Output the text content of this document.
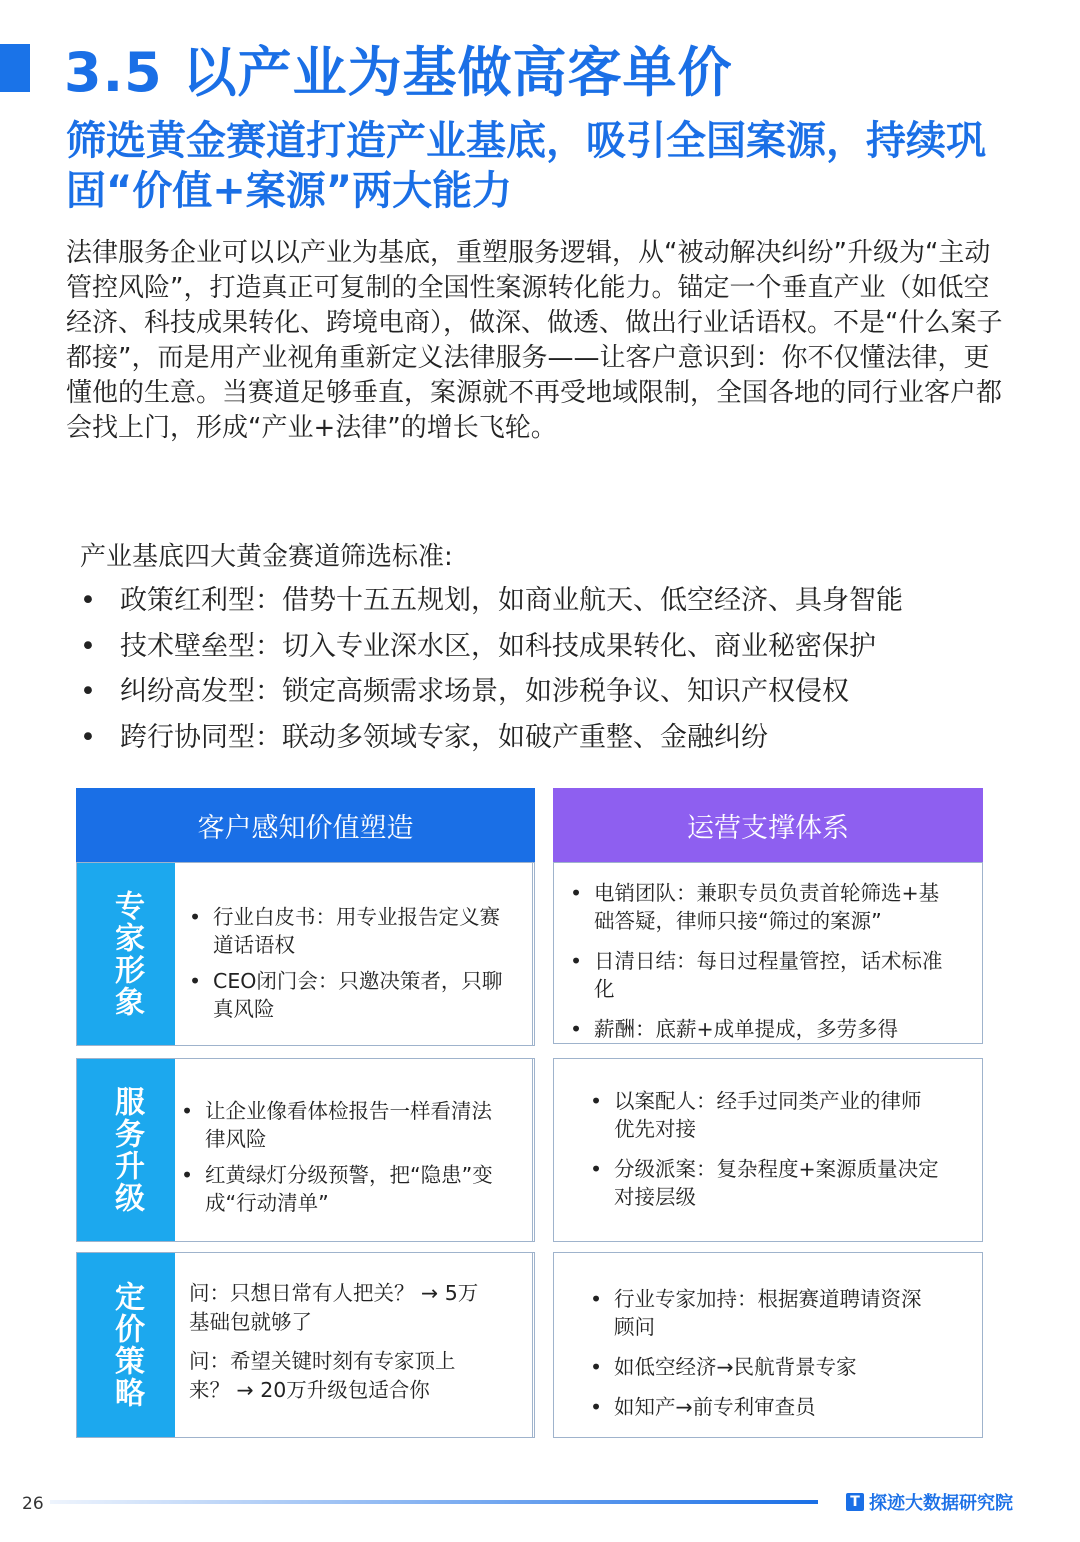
3.5 以产业为基做高客单价
筛选黄金赛道打造产业基底，吸引全国案源，持续巩固“价值+案源”两大能力

法律服务企业可以以产业为基底，重塑服务逻辑，从“被动解决纠纷”升级为“主动管控风险”，打造真正可复制的全国性案源转化能力。锚定一个垂直产业（如低空经济、科技成果转化、跨境电商），做深、做透、做出行业话语权。不是“什么案子都接”，而是用产业视角重新定义法律服务——让客户意识到：你不仅懂法律，更懂他的生意。当赛道足够垂直，案源就不再受地域限制，全国各地的同行业客户都会找上门，形成“产业+法律”的增长飞轮。

产业基底四大黄金赛道筛选标准:

• 政策红利型：借势十五五规划，如商业航天、低空经济、具身智能
• 技术壁垒型：切入专业深水区，如科技成果转化、商业秘密保护
• 纠纷高发型：锁定高频需求场景，如涉税争议、知识产权侵权
• 跨行协同型：联动多领域专家，如破产重整、金融纠纷
客户感知价值塑造	运营支撑体系
专家形象 • 行业白皮书：用专业报告定义赛道话语权
• CEO闭门会：只邀决策者，只聊真风险
• 电销团队：兼职专员负责首轮筛选+基础答疑，律师只接“筛过的案源”
• 日清日结：每日过程量管控，话术标准化
• 薪酬：底薪+成单提成，多劳多得
服务升级 • 让企业像看体检报告一样看清法律风险
• 红黄绿灯分级预警，把“隐患”变成“行动清单”
• 以案配人：经手过同类产业的律师优先对接
• 分级派案：复杂程度+案源质量决定对接层级
定价策略 问：只想日常有人把关？ → 5万基础包就够了

问：希望关键时刻有专家顶上来？ → 20万升级包适合你

• 行业专家加持：根据赛道聘请资深顾问
• 如低空经济→民航背景专家
• 如知产→前专利审查员
26	T 探迹大数据研究院
